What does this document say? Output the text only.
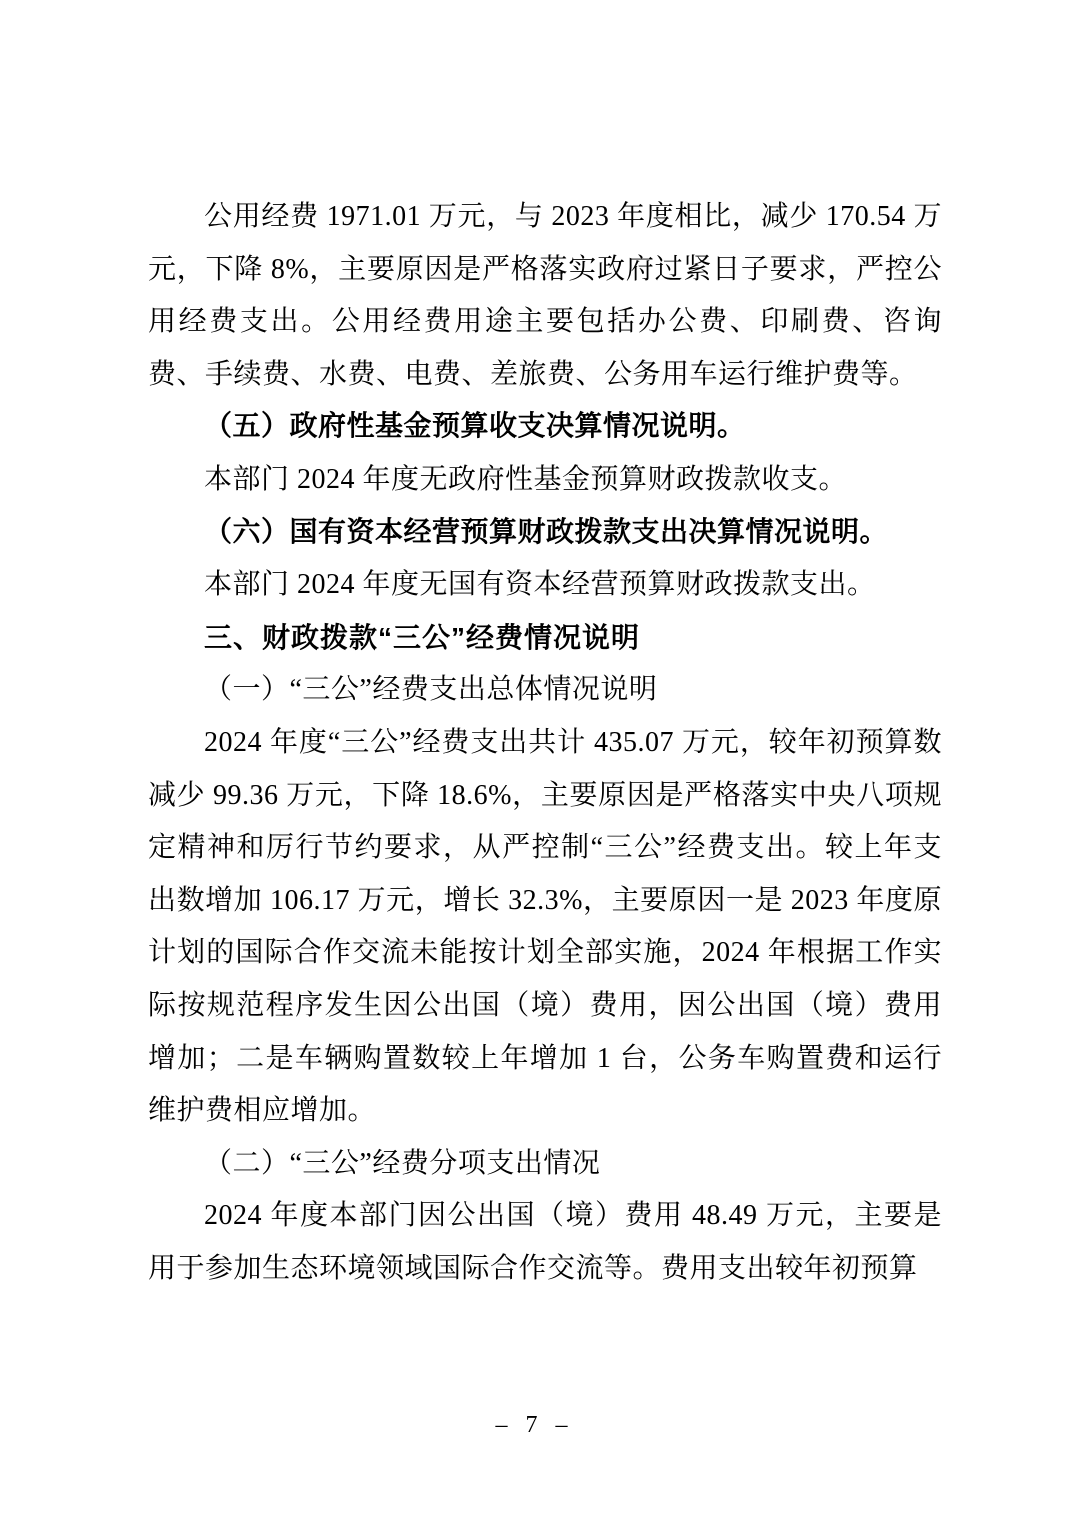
公用经费 1971.01 万元，与 2023 年度相比，减少 170.54 万元，下降 8%，主要原因是严格落实政府过紧日子要求，严控公用经费支出。公用经费用途主要包括办公费、印刷费、咨询费、手续费、水费、电费、差旅费、公务用车运行维护费等。

（五）政府性基金预算收支决算情况说明。

本部门 2024 年度无政府性基金预算财政拨款收支。

（六）国有资本经营预算财政拨款支出决算情况说明。

本部门 2024 年度无国有资本经营预算财政拨款支出。

三、财政拨款“三公”经费情况说明

（一）“三公”经费支出总体情况说明

2024 年度“三公”经费支出共计 435.07 万元，较年初预算数减少 99.36 万元，下降 18.6%，主要原因是严格落实中央八项规定精神和厉行节约要求，从严控制“三公”经费支出。较上年支出数增加 106.17 万元，增长 32.3%，主要原因一是 2023 年度原计划的国际合作交流未能按计划全部实施，2024 年根据工作实际按规范程序发生因公出国（境）费用，因公出国（境）费用增加；二是车辆购置数较上年增加 1 台，公务车购置费和运行维护费相应增加。

（二）“三公”经费分项支出情况

2024 年度本部门因公出国（境）费用 48.49 万元，主要是用于参加生态环境领域国际合作交流等。费用支出较年初预算

– 7 –
